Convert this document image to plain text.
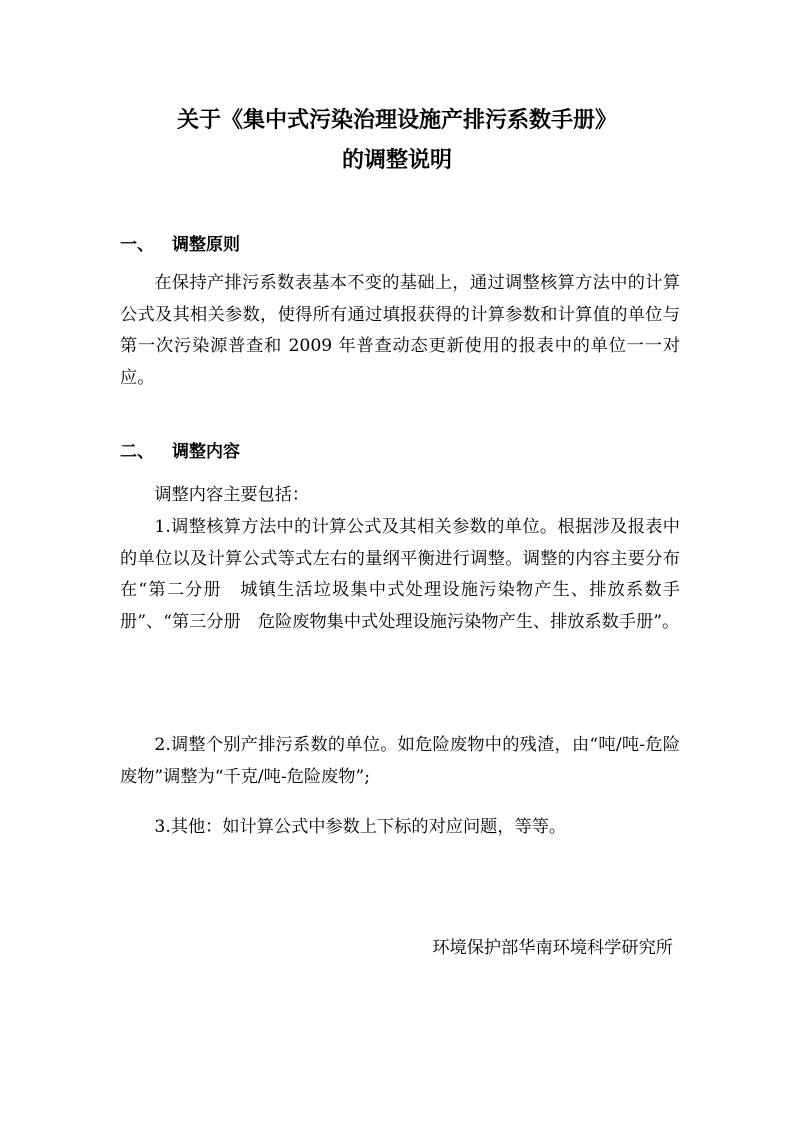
关于《集中式污染治理设施产排污系数手册》
的调整说明
一、 调整原则
在保持产排污系数表基本不变的基础上，通过调整核算方法中的计算公式及其相关参数，使得所有通过填报获得的计算参数和计算值的单位与第一次污染源普查和 2009 年普查动态更新使用的报表中的单位一一对应。
二、 调整内容
调整内容主要包括：
1.调整核算方法中的计算公式及其相关参数的单位。根据涉及报表中的单位以及计算公式等式左右的量纲平衡进行调整。调整的内容主要分布在“第二分册　城镇生活垃圾集中式处理设施污染物产生、排放系数手册”、“第三分册　危险废物集中式处理设施污染物产生、排放系数手册”。
2.调整个别产排污系数的单位。如危险废物中的残渣，由“吨/吨-危险废物”调整为“千克/吨-危险废物”;
3.其他：如计算公式中参数上下标的对应问题，等等。
环境保护部华南环境科学研究所
